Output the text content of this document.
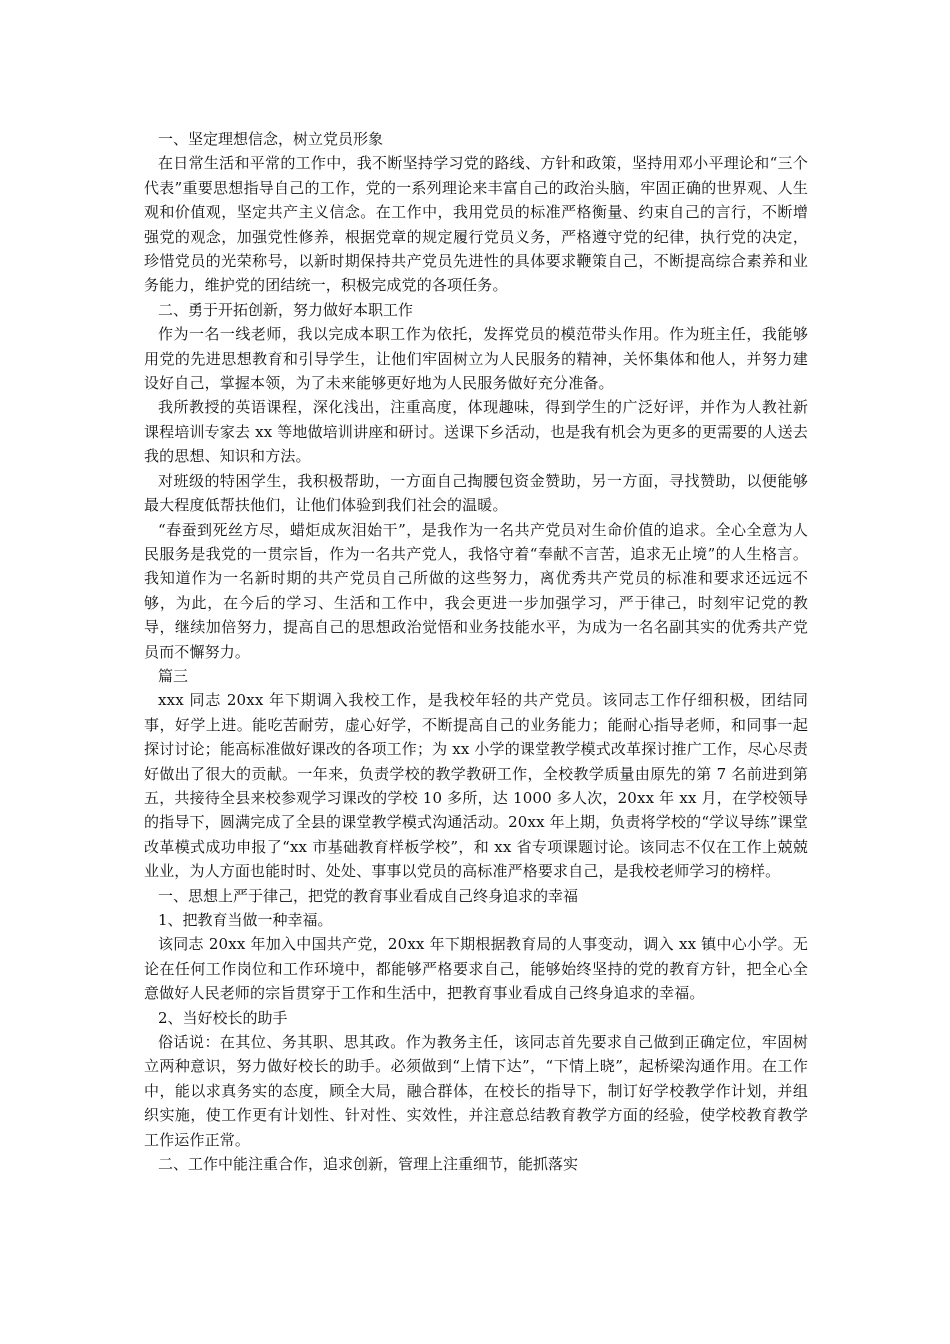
一、坚定理想信念，树立党员形象

在日常生活和平常的工作中，我不断坚持学习党的路线、方针和政策，坚持用邓小平理论和“三个代表”重要思想指导自己的工作，党的一系列理论来丰富自己的政治头脑，牢固正确的世界观、人生观和价值观，坚定共产主义信念。在工作中，我用党员的标准严格衡量、约束自己的言行，不断增强党的观念，加强党性修养，根据党章的规定履行党员义务，严格遵守党的纪律，执行党的决定，珍惜党员的光荣称号，以新时期保持共产党员先进性的具体要求鞭策自己，不断提高综合素养和业务能力，维护党的团结统一，积极完成党的各项任务。

二、勇于开拓创新，努力做好本职工作

作为一名一线老师，我以完成本职工作为依托，发挥党员的模范带头作用。作为班主任，我能够用党的先进思想教育和引导学生，让他们牢固树立为人民服务的精神，关怀集体和他人，并努力建设好自己，掌握本领，为了未来能够更好地为人民服务做好充分准备。

我所教授的英语课程，深化浅出，注重高度，体现趣味，得到学生的广泛好评，并作为人教社新课程培训专家去 xx 等地做培训讲座和研讨。送课下乡活动，也是我有机会为更多的更需要的人送去我的思想、知识和方法。

对班级的特困学生，我积极帮助，一方面自己掏腰包资金赞助，另一方面，寻找赞助，以便能够最大程度低帮扶他们，让他们体验到我们社会的温暖。

“春蚕到死丝方尽，蜡炬成灰泪始干”，是我作为一名共产党员对生命价值的追求。全心全意为人民服务是我党的一贯宗旨，作为一名共产党人，我恪守着“奉献不言苦，追求无止境”的人生格言。我知道作为一名新时期的共产党员自己所做的这些努力，离优秀共产党员的标准和要求还远远不够，为此，在今后的学习、生活和工作中，我会更进一步加强学习，严于律己，时刻牢记党的教导，继续加倍努力，提高自己的思想政治觉悟和业务技能水平，为成为一名名副其实的优秀共产党员而不懈努力。

篇三

xxx 同志 20xx 年下期调入我校工作，是我校年轻的共产党员。该同志工作仔细积极，团结同事，好学上进。能吃苦耐劳，虚心好学，不断提高自己的业务能力；能耐心指导老师，和同事一起探讨讨论；能高标准做好课改的各项工作；为 xx 小学的课堂教学模式改革探讨推广工作，尽心尽责好做出了很大的贡献。一年来，负责学校的教学教研工作，全校教学质量由原先的第 7 名前进到第五，共接待全县来校参观学习课改的学校 10 多所，达 1000 多人次，20xx 年 xx 月，在学校领导的指导下，圆满完成了全县的课堂教学模式沟通活动。20xx 年上期，负责将学校的“学议导练”课堂改革模式成功申报了“xx 市基础教育样板学校”，和 xx 省专项课题讨论。该同志不仅在工作上兢兢业业，为人方面也能时时、处处、事事以党员的高标准严格要求自己，是我校老师学习的榜样。

一、思想上严于律己，把党的教育事业看成自己终身追求的幸福

1、把教育当做一种幸福。

该同志 20xx 年加入中国共产党，20xx 年下期根据教育局的人事变动，调入 xx 镇中心小学。无论在任何工作岗位和工作环境中，都能够严格要求自己，能够始终坚持的党的教育方针，把全心全意做好人民老师的宗旨贯穿于工作和生活中，把教育事业看成自己终身追求的幸福。

2、当好校长的助手

俗话说：在其位、务其职、思其政。作为教务主任，该同志首先要求自己做到正确定位，牢固树立两种意识，努力做好校长的助手。必须做到“上情下达”，“下情上晓”，起桥梁沟通作用。在工作中，能以求真务实的态度，顾全大局，融合群体，在校长的指导下，制订好学校教学作计划，并组织实施，使工作更有计划性、针对性、实效性，并注意总结教育教学方面的经验，使学校教育教学工作运作正常。

二、工作中能注重合作，追求创新，管理上注重细节，能抓落实
